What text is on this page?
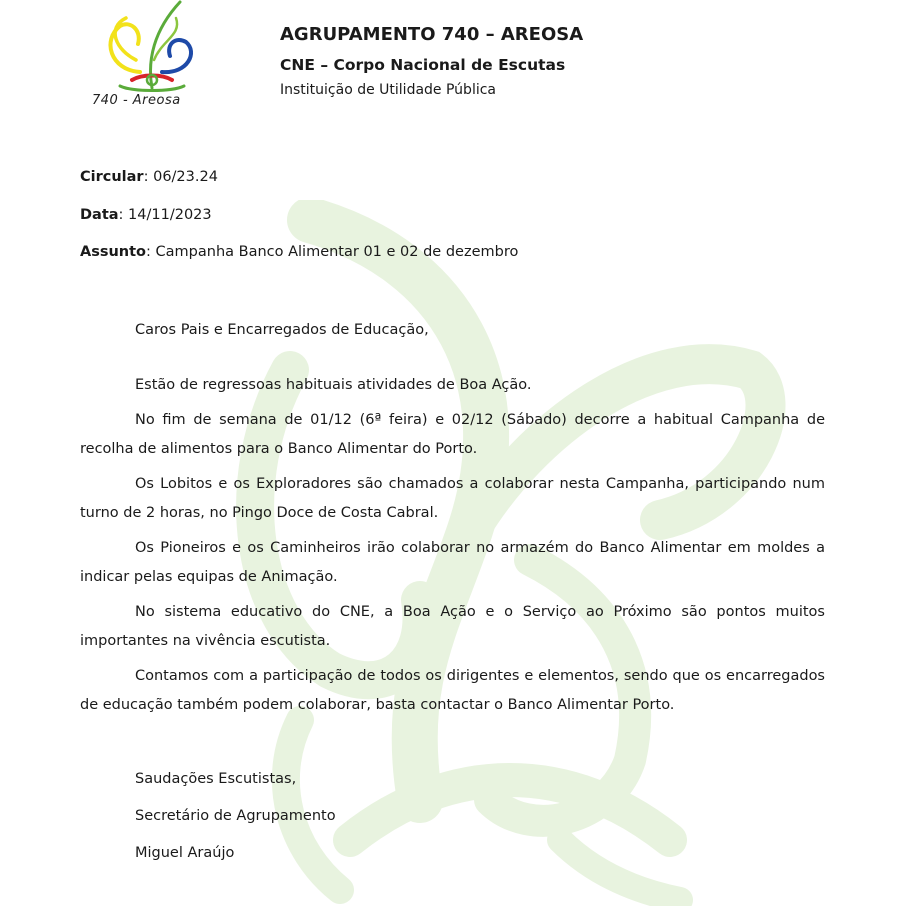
740 - Areosa
AGRUPAMENTO 740 – AREOSA
CNE – Corpo Nacional de Escutas
Instituição de Utilidade Pública
Circular: 06/23.24
Data: 14/11/2023
Assunto: Campanha Banco Alimentar 01 e 02 de dezembro

Caros Pais e Encarregados de Educação,

Estão de regressoas habituais atividades de Boa Ação.

No fim de semana de 01/12 (6ª feira) e 02/12 (Sábado) decorre a habitual Campanha de recolha de alimentos para o Banco Alimentar do Porto.

Os Lobitos e os Exploradores são chamados a colaborar nesta Campanha, participando num turno de 2 horas, no Pingo Doce de Costa Cabral.

Os Pioneiros e os Caminheiros irão colaborar no armazém do Banco Alimentar em moldes a indicar pelas equipas de Animação.

No sistema educativo do CNE, a Boa Ação e o Serviço ao Próximo são pontos muitos importantes na vivência escutista.

Contamos com a participação de todos os dirigentes e elementos, sendo que os encarregados de educação também podem colaborar, basta contactar o Banco Alimentar Porto.

Saudações Escutistas,
Secretário de Agrupamento
Miguel Araújo
